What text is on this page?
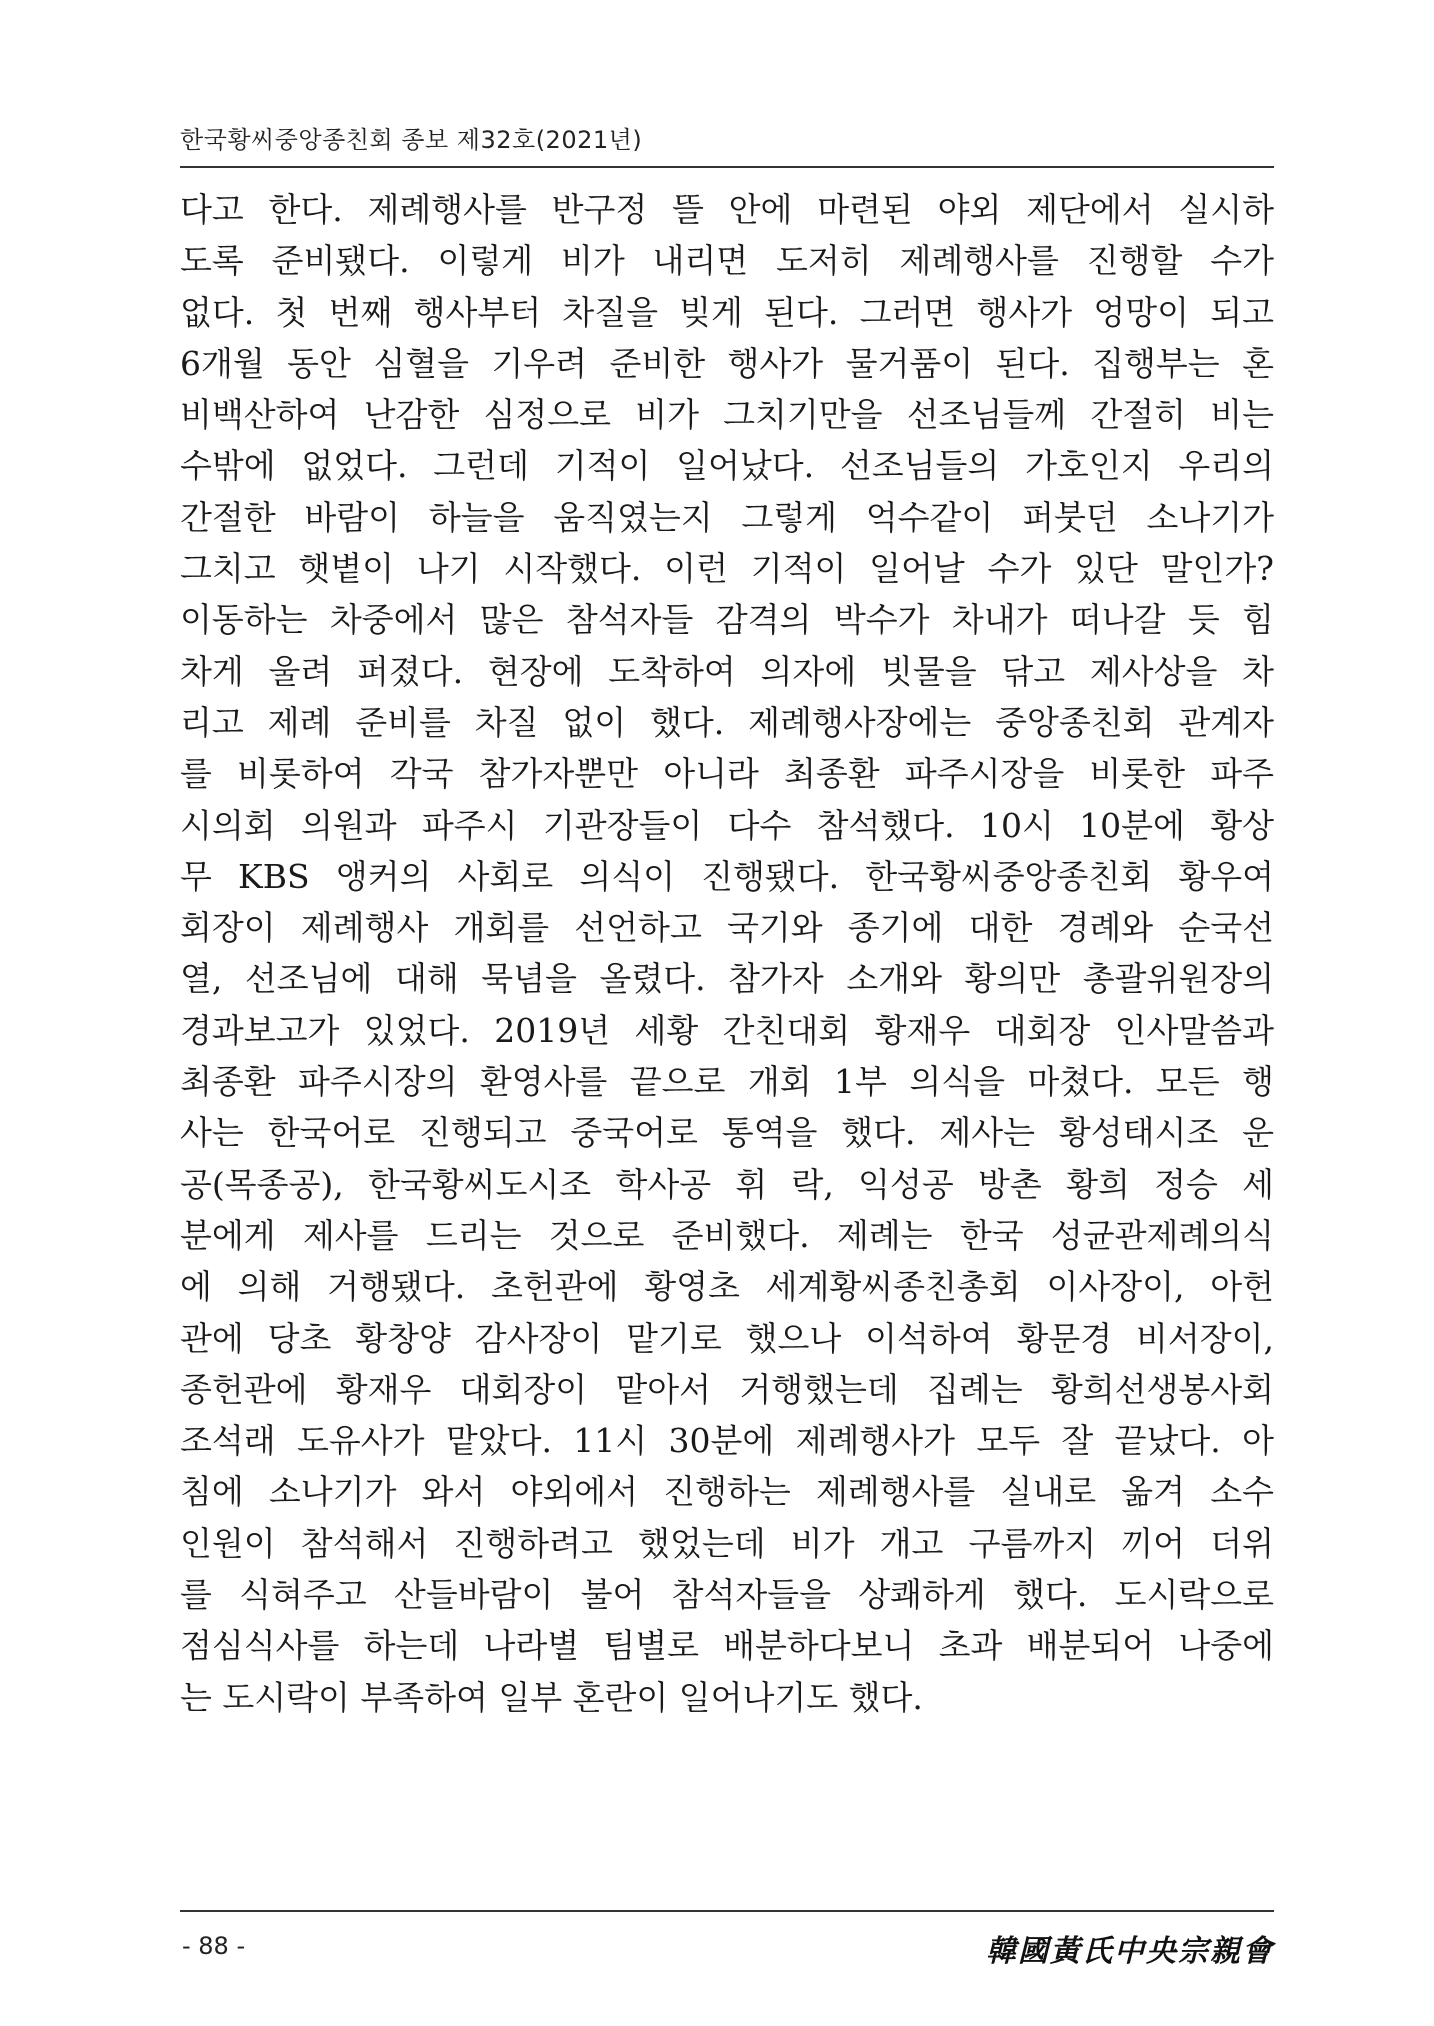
한국황씨중앙종친회 종보 제32호(2021년)
다고 한다. 제례행사를 반구정 뜰 안에 마련된 야외 제단에서 실시하
도록 준비됐다. 이렇게 비가 내리면 도저히 제례행사를 진행할 수가
없다. 첫 번째 행사부터 차질을 빚게 된다. 그러면 행사가 엉망이 되고
6개월 동안 심혈을 기우려 준비한 행사가 물거품이 된다. 집행부는 혼
비백산하여 난감한 심정으로 비가 그치기만을 선조님들께 간절히 비는
수밖에 없었다. 그런데 기적이 일어났다. 선조님들의 가호인지 우리의
간절한 바람이 하늘을 움직였는지 그렇게 억수같이 퍼붓던 소나기가
그치고 햇볕이 나기 시작했다. 이런 기적이 일어날 수가 있단 말인가?
이동하는 차중에서 많은 참석자들 감격의 박수가 차내가 떠나갈 듯 힘
차게 울려 퍼졌다. 현장에 도착하여 의자에 빗물을 닦고 제사상을 차
리고 제례 준비를 차질 없이 했다. 제례행사장에는 중앙종친회 관계자
를 비롯하여 각국 참가자뿐만 아니라 최종환 파주시장을 비롯한 파주
시의회 의원과 파주시 기관장들이 다수 참석했다. 10시 10분에 황상
무 KBS 앵커의 사회로 의식이 진행됐다. 한국황씨중앙종친회 황우여
회장이 제례행사 개회를 선언하고 국기와 종기에 대한 경례와 순국선
열, 선조님에 대해 묵념을 올렸다. 참가자 소개와 황의만 총괄위원장의
경과보고가 있었다. 2019년 세황 간친대회 황재우 대회장 인사말씀과
최종환 파주시장의 환영사를 끝으로 개회 1부 의식을 마쳤다. 모든 행
사는 한국어로 진행되고 중국어로 통역을 했다. 제사는 황성태시조 운
공(목종공), 한국황씨도시조 학사공 휘 락, 익성공 방촌 황희 정승 세
분에게 제사를 드리는 것으로 준비했다. 제례는 한국 성균관제례의식
에 의해 거행됐다. 초헌관에 황영초 세계황씨종친총회 이사장이, 아헌
관에 당초 황창양 감사장이 맡기로 했으나 이석하여 황문경 비서장이,
종헌관에 황재우 대회장이 맡아서 거행했는데 집례는 황희선생봉사회
조석래 도유사가 맡았다. 11시 30분에 제례행사가 모두 잘 끝났다. 아
침에 소나기가 와서 야외에서 진행하는 제례행사를 실내로 옮겨 소수
인원이 참석해서 진행하려고 했었는데 비가 개고 구름까지 끼어 더위
를 식혀주고 산들바람이 불어 참석자들을 상쾌하게 했다. 도시락으로
점심식사를 하는데 나라별 팀별로 배분하다보니 초과 배분되어 나중에
는 도시락이 부족하여 일부 혼란이 일어나기도 했다.
- 88 -	韓國黃氏中央宗親會
